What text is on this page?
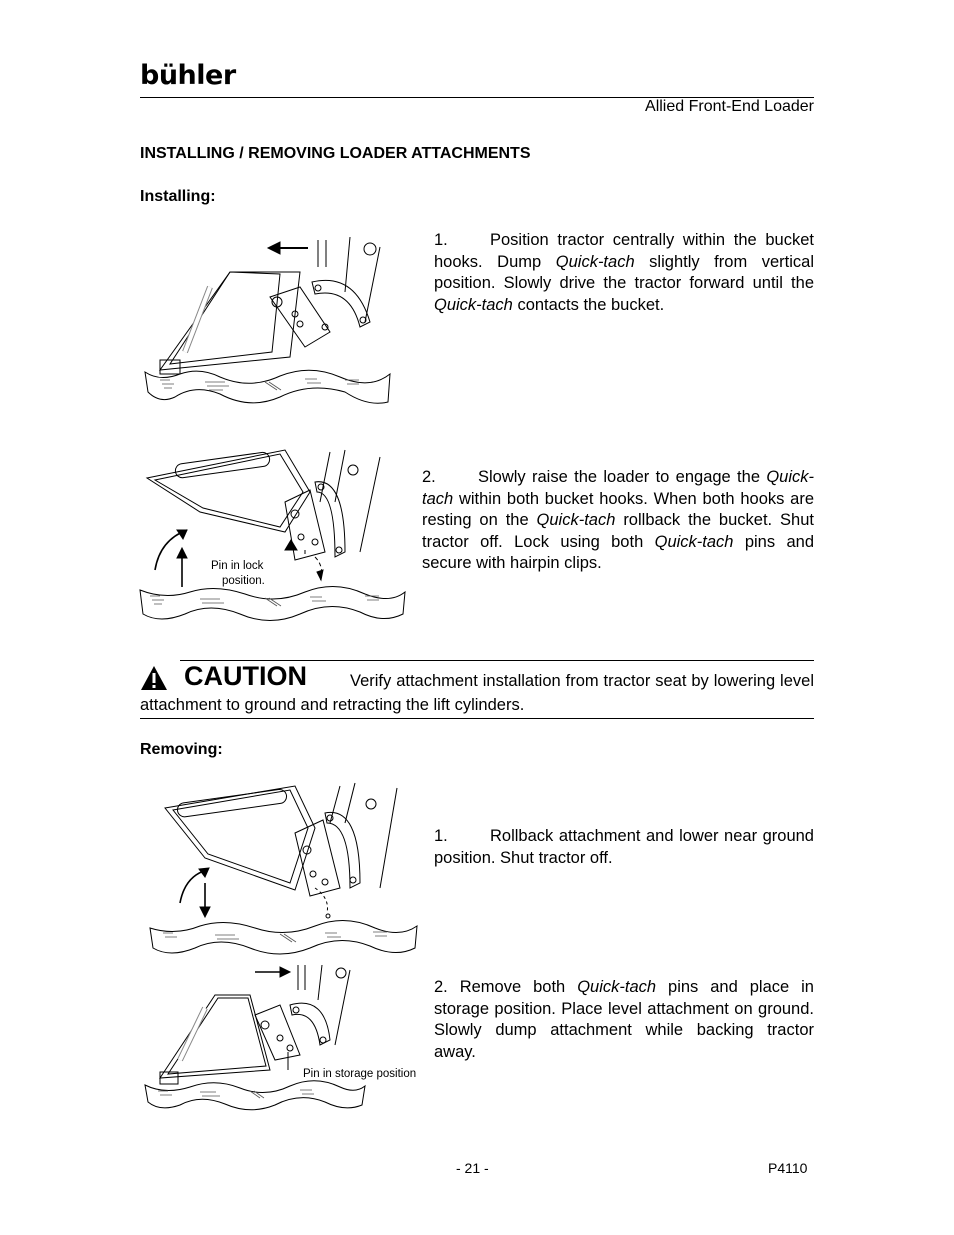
bühler
Allied Front-End Loader
INSTALLING / REMOVING LOADER ATTACHMENTS
Installing:
1.	Position tractor centrally within the bucket hooks. Dump Quick-tach slightly from vertical position. Slowly drive the tractor forward until the Quick-tach contacts the bucket.
Pin in lock
position.
2.	Slowly raise the loader to engage the Quick-tach within both bucket hooks. When both hooks are resting on the Quick-tach rollback the bucket. Shut tractor off. Lock using both Quick-tach pins and secure with hairpin clips.
CAUTION	Verify attachment installation from tractor seat by lowering level attachment to ground and retracting the lift cylinders.
Removing:
1.	Rollback attachment and lower near ground position. Shut tractor off.
Pin in storage position
2. Remove both Quick-tach pins and place in storage position. Place level attachment on ground. Slowly dump attachment while backing tractor away.
- 21 -	P4110
